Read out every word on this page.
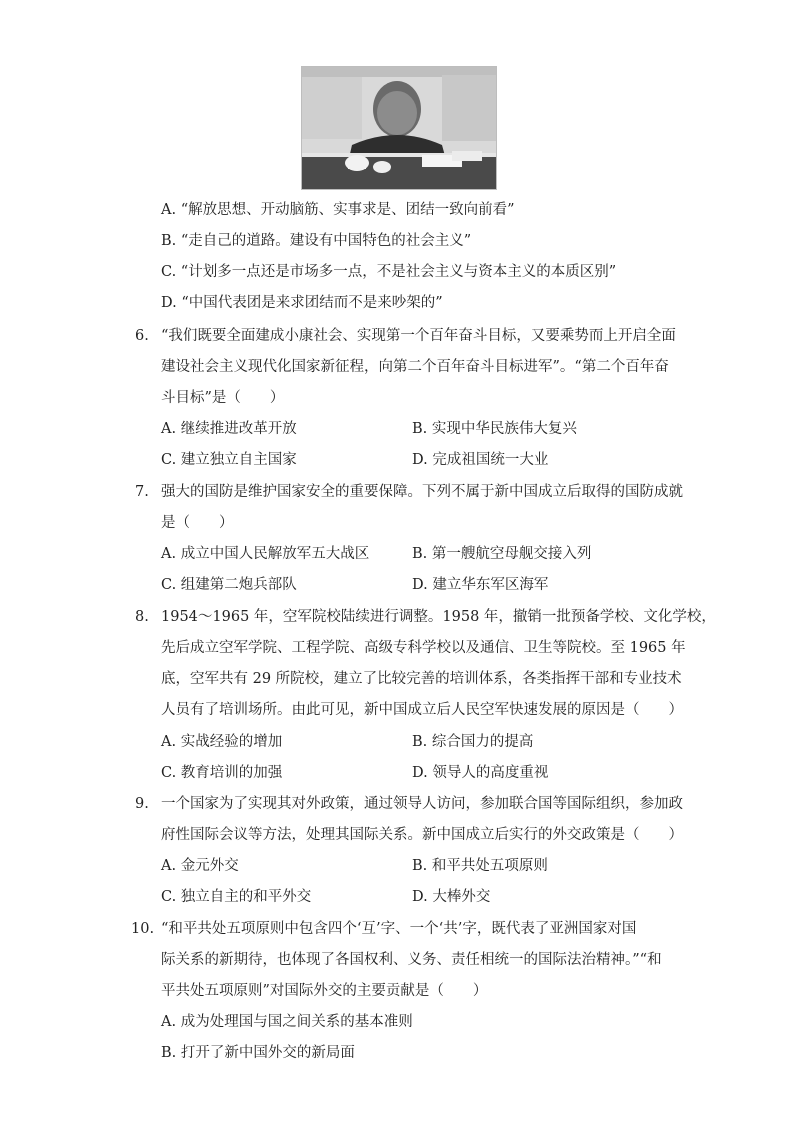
A. “解放思想、开动脑筋、实事求是、团结一致向前看”
B. “走自己的道路。建设有中国特色的社会主义”
C. “计划多一点还是市场多一点，不是社会主义与资本主义的本质区别”
D. “中国代表团是来求团结而不是来吵架的”
6. “我们既要全面建成小康社会、实现第一个百年奋斗目标，又要乘势而上开启全面
建设社会主义现代化国家新征程，向第二个百年奋斗目标进军”。“第二个百年奋
斗目标”是（　　）
A. 继续推进改革开放	B. 实现中华民族伟大复兴
C. 建立独立自主国家	D. 完成祖国统一大业
7. 强大的国防是维护国家安全的重要保障。下列不属于新中国成立后取得的国防成就
是（　　）
A. 成立中国人民解放军五大战区	B. 第一艘航空母舰交接入列
C. 组建第二炮兵部队	D. 建立华东军区海军
8. 1954～1965 年，空军院校陆续进行调整。1958 年，撤销一批预备学校、文化学校，
先后成立空军学院、工程学院、高级专科学校以及通信、卫生等院校。至 1965 年
底，空军共有 29 所院校，建立了比较完善的培训体系，各类指挥干部和专业技术
人员有了培训场所。由此可见，新中国成立后人民空军快速发展的原因是（　　）
A. 实战经验的增加	B. 综合国力的提高
C. 教育培训的加强	D. 领导人的高度重视
9. 一个国家为了实现其对外政策，通过领导人访问，参加联合国等国际组织，参加政
府性国际会议等方法，处理其国际关系。新中国成立后实行的外交政策是（　　）
A. 金元外交	B. 和平共处五项原则
C. 独立自主的和平外交	D. 大棒外交
10. “和平共处五项原则中包含四个‘互’字、一个‘共’字，既代表了亚洲国家对国
际关系的新期待，也体现了各国权利、义务、责任相统一的国际法治精神。”“和
平共处五项原则”对国际外交的主要贡献是（　　）
A. 成为处理国与国之间关系的基本准则
B. 打开了新中国外交的新局面
